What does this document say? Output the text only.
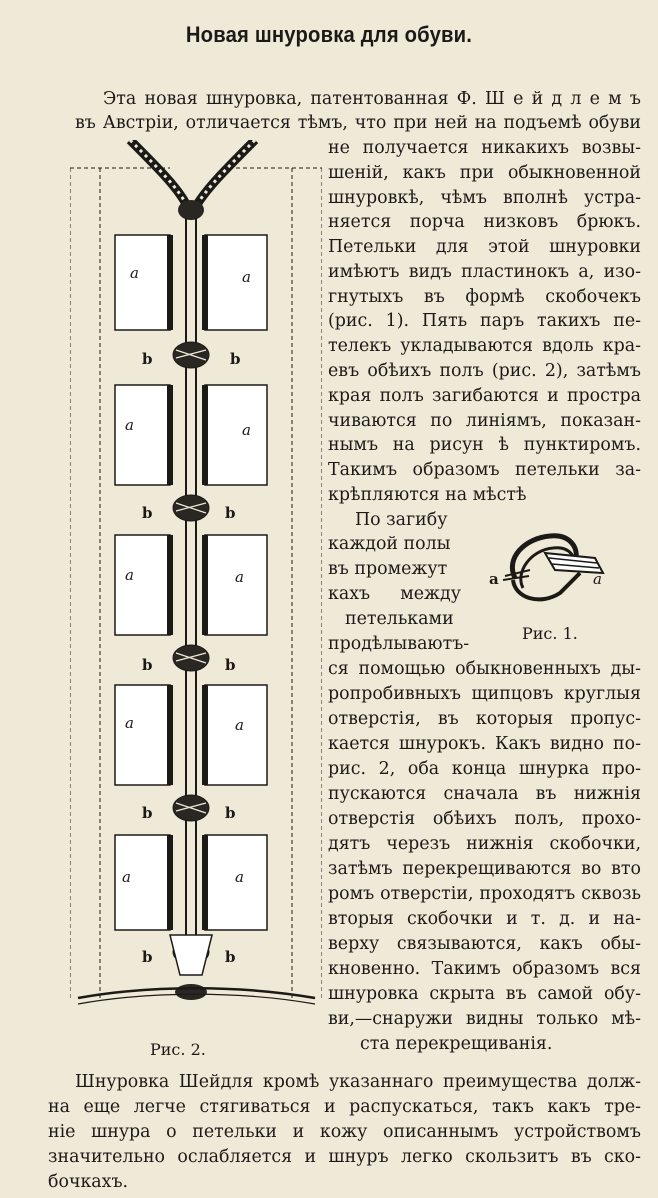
Новая шнуровка для обуви.
Эта новая шнуровка, патентованная Ф. Ш е й д л е м ъ
въ Австрiи, отличается тѣмъ, что при ней на подъемѣ обуви
не получается никакихъ возвы-
шенiй, какъ при обыкновенной
шнуровкѣ, чѣмъ вполнѣ устра-
няется порча низковъ брюкъ.
Петельки для этой шнуровки
имѣютъ видъ пластинокъ a, изо-
гнутыхъ въ формѣ скобочекъ
(рис. 1). Пять паръ такихъ пе-
телекъ укладываются вдоль кра-
евъ обѣихъ полъ (рис. 2), затѣмъ
края полъ загибаются и прострa
чиваются по линiямъ, показан-
нымъ на рисун ѣ пунктиромъ.
Такимъ образомъ петельки за-
крѣпляются на мѣстѣ
По загибу
каждой полы
въ промежут
кахъ между
петельками
продѣлываютъ-
ся помощью обыкновенныхъ ды-
ропробивныхъ щипцовъ круглыя
отверстiя, въ которыя пропус-
кается шнурокъ. Какъ видно по-
рис. 2, оба конца шнурка про-
пускаются сначала въ нижнiя
отверстiя обѣихъ полъ, прохо-
дятъ черезъ нижнiя скобочки,
затѣмъ перекрещиваются во вто
ромъ отверстiи, проходятъ сквозь
вторыя скобочки и т. д. и на-
верху связываются, какъ обы-
кновенно. Такимъ образомъ вся
шнуровка скрыта въ самой обу-
ви,—снаружи видны только мѣ-
ста перекрещиванiя.
Шнуровка Шейдля кромѣ указаннаго преимущества долж-
на еще легче стягиваться и распускаться, такъ какъ тре-
нiе шнура о петельки и кожу описаннымъ устройствомъ
значительно ослабляется и шнуръ легко скользитъ въ ско-
бочкахъ.
a	a
Рис. 1.
a	a
a	a
a	a
a	a
a	a
b	b
b	b
b	b
b	b
b	b
Рис. 2.
